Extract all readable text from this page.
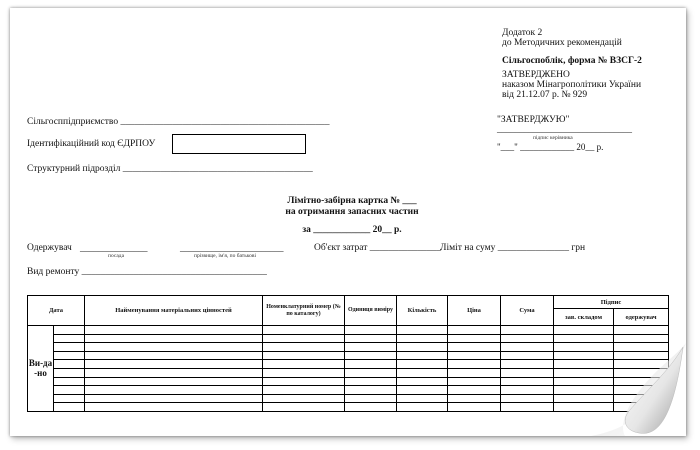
Додаток 2
до Методичних рекомендацій
Сільгоспоблік, форма № ВЗСГ-2
ЗАТВЕРДЖЕНО
наказом Мінагрополітики України
від 21.12.07 р. № 929
"ЗАТВЕРДЖУЮ"
______________________________
підпис керівника
"___" ____________ 20__ р.
Сільгосппідприємство ____________________________________________
Ідентифікаційний код ЄДРПОУ
Структурний підрозділ ________________________________________
Лімітно-забірна картка № ___
на отримання запасних частин
за ____________ 20__ р.
Одержувач _______________	_______________________
посада	прізвище, ім'я, по батькові
Об'єкт затрат _______________ Ліміт на суму _______________ грн
Вид ремонту _______________________________________
Дата		Найменування матеріальних цінностей	Номенклатурний номер (№ по каталогу)	Одиниця виміру	Кількість	Ціна	Сума	Підпис	
								зав. складом	одержувач
Ви-да-но									
